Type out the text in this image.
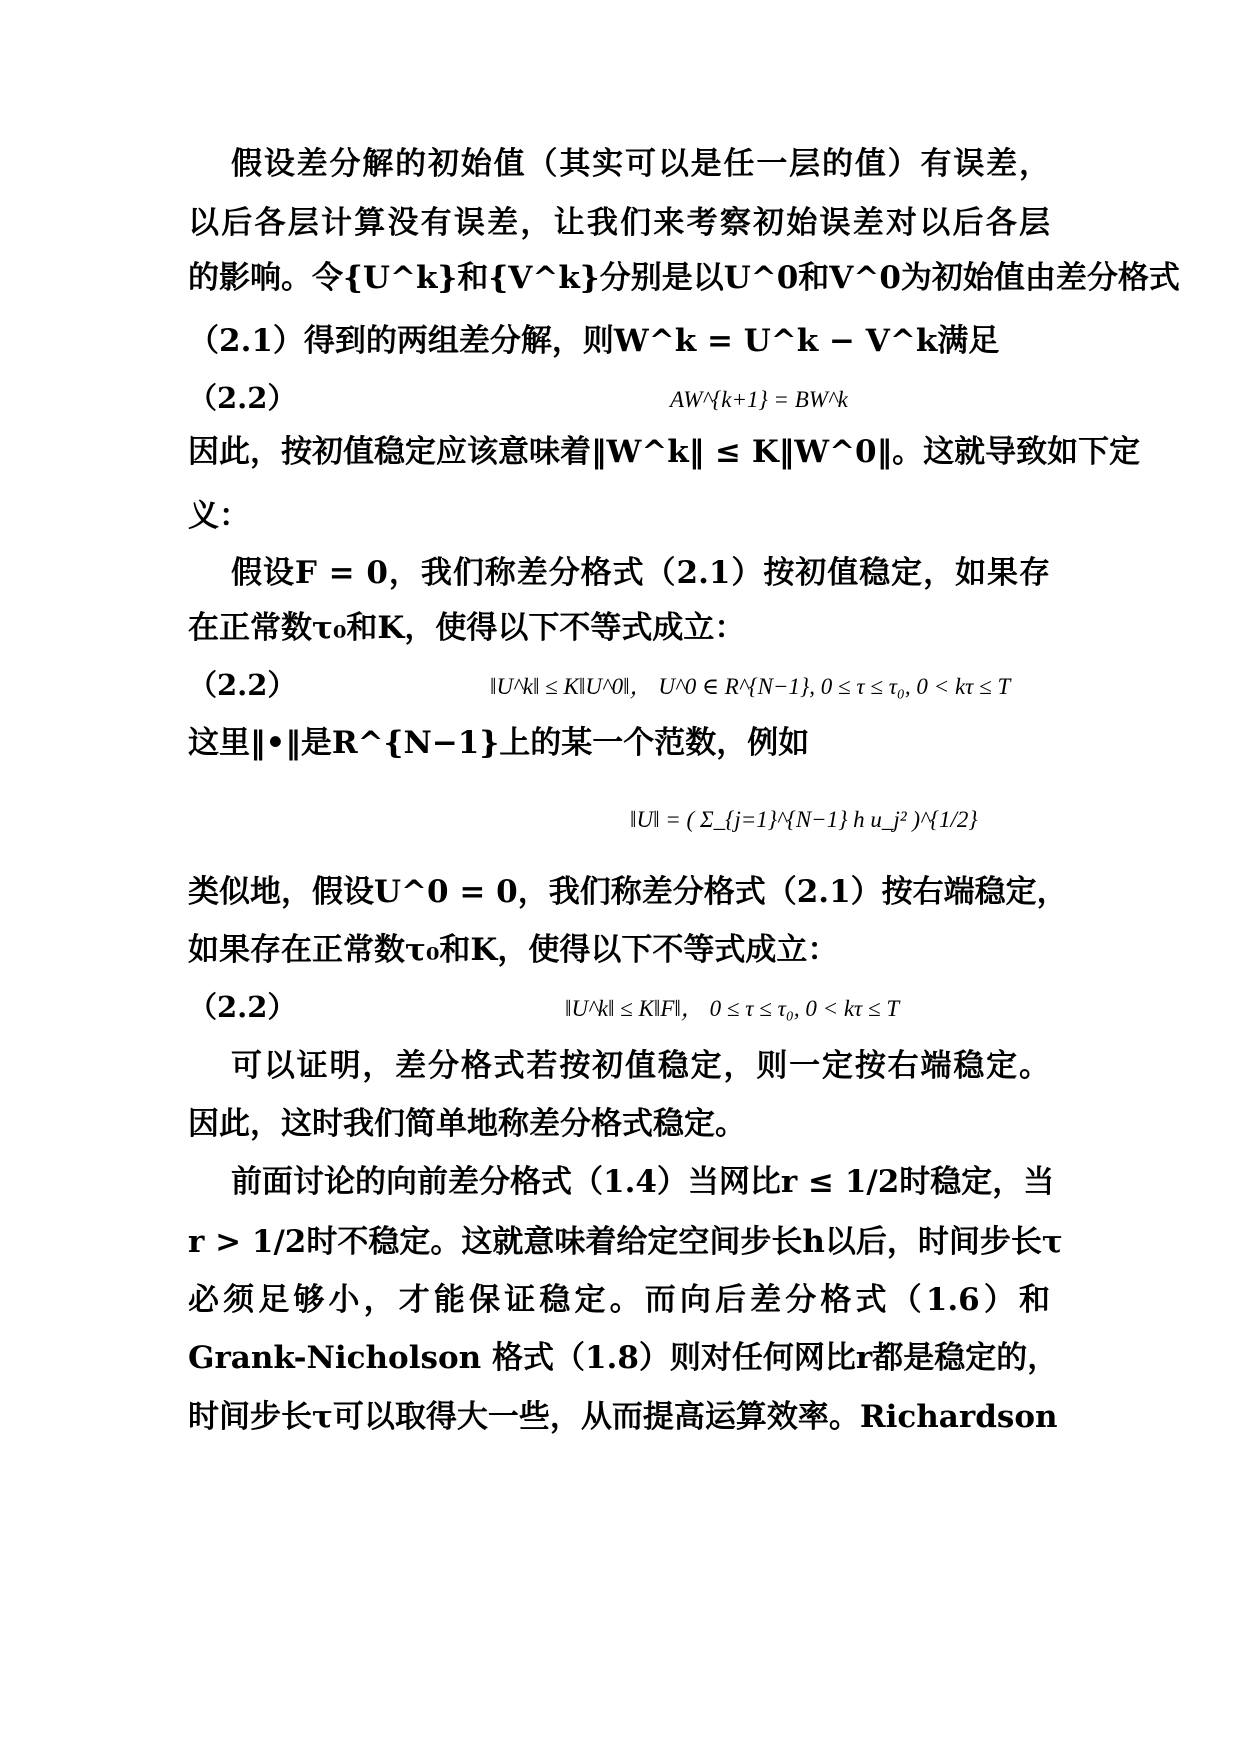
假设差分解的初始值（其实可以是任一层的值）有误差，
以后各层计算没有误差，让我们来考察初始误差对以后各层
的影响。令{U^k}和{V^k}分别是以U^0和V^0为初始值由差分格式
（2.1）得到的两组差分解，则W^k = U^k − V^k满足
（2.2）	AW^{k+1} = BW^k
因此，按初值稳定应该意味着‖W^k‖ ≤ K‖W^0‖。这就导致如下定
义：
假设F = 0，我们称差分格式（2.1）按初值稳定，如果存
在正常数τ₀和K，使得以下不等式成立：
（2.2）	‖U^k‖ ≤ K‖U^0‖， U^0 ∈ R^{N−1}, 0 ≤ τ ≤ τ₀, 0 < kτ ≤ T
这里‖•‖是R^{N−1}上的某一个范数，例如
‖U‖ = ( Σ_{j=1}^{N−1} h u_j² )^{1/2}
类似地，假设U^0 = 0，我们称差分格式（2.1）按右端稳定，
如果存在正常数τ₀和K，使得以下不等式成立：
（2.2）	‖U^k‖ ≤ K‖F‖， 0 ≤ τ ≤ τ₀, 0 < kτ ≤ T
可以证明，差分格式若按初值稳定，则一定按右端稳定。
因此，这时我们简单地称差分格式稳定。
前面讨论的向前差分格式（1.4）当网比r ≤ 1/2时稳定，当
r > 1/2时不稳定。这就意味着给定空间步长h以后，时间步长τ
必须足够小，才能保证稳定。而向后差分格式（1.6）和
Grank-Nicholson 格式（1.8）则对任何网比r都是稳定的，
时间步长τ可以取得大一些，从而提高运算效率。Richardson
